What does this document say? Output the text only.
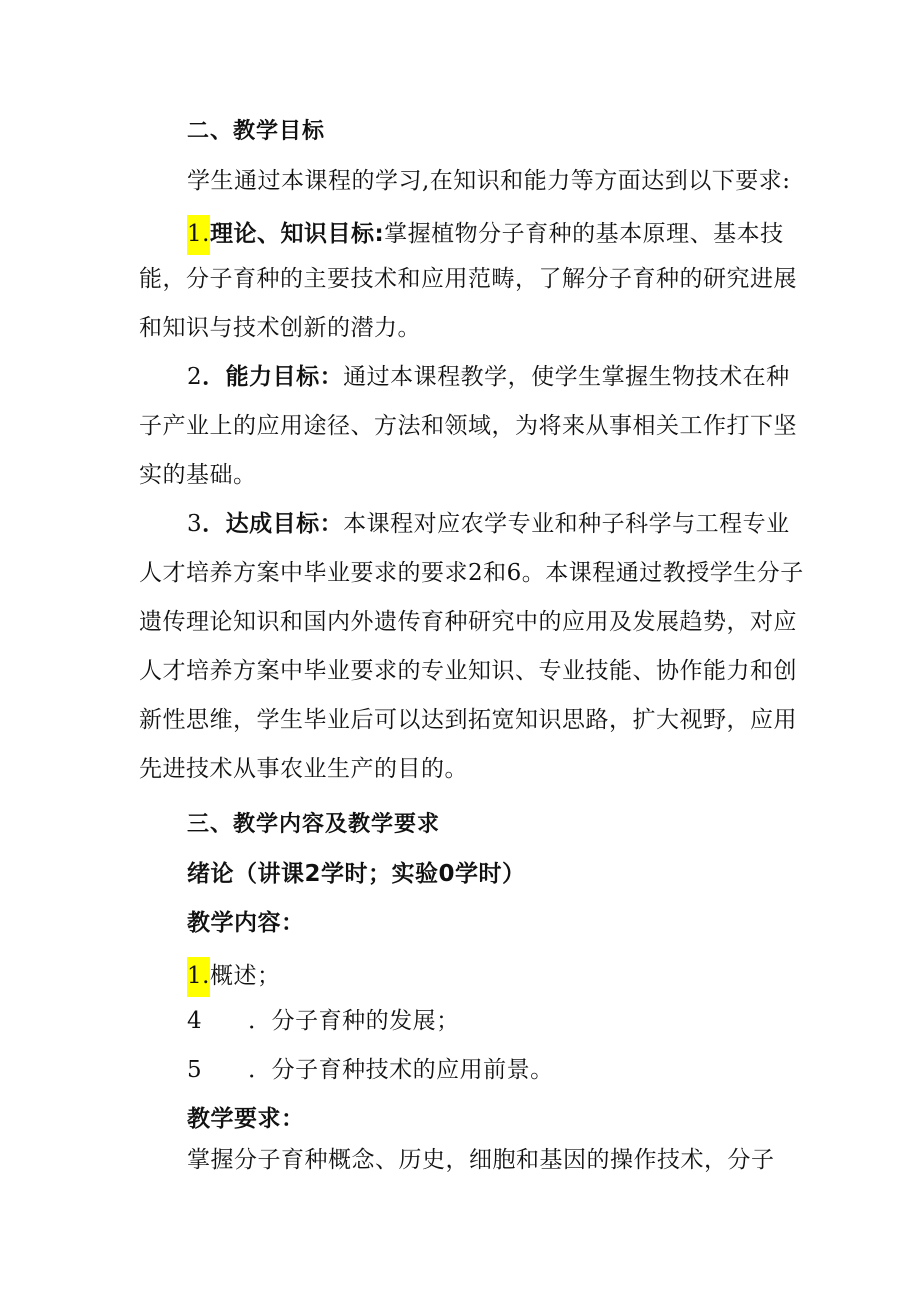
二、教学目标
学生通过本课程的学习,在知识和能力等方面达到以下要求:
1.理论、知识目标:掌握植物分子育种的基本原理、基本技
能，分子育种的主要技术和应用范畴，了解分子育种的研究进展
和知识与技术创新的潜力。
2．能力目标：通过本课程教学，使学生掌握生物技术在种
子产业上的应用途径、方法和领域，为将来从事相关工作打下坚
实的基础。
3．达成目标：本课程对应农学专业和种子科学与工程专业
人才培养方案中毕业要求的要求2和6。本课程通过教授学生分子
遗传理论知识和国内外遗传育种研究中的应用及发展趋势，对应
人才培养方案中毕业要求的专业知识、专业技能、协作能力和创
新性思维，学生毕业后可以达到拓宽知识思路，扩大视野，应用
先进技术从事农业生产的目的。
三、教学内容及教学要求
绪论（讲课2学时；实验0学时）
教学内容：
1.概述；
4 ．分子育种的发展；
5 ．分子育种技术的应用前景。
教学要求：
掌握分子育种概念、历史，细胞和基因的操作技术，分子
